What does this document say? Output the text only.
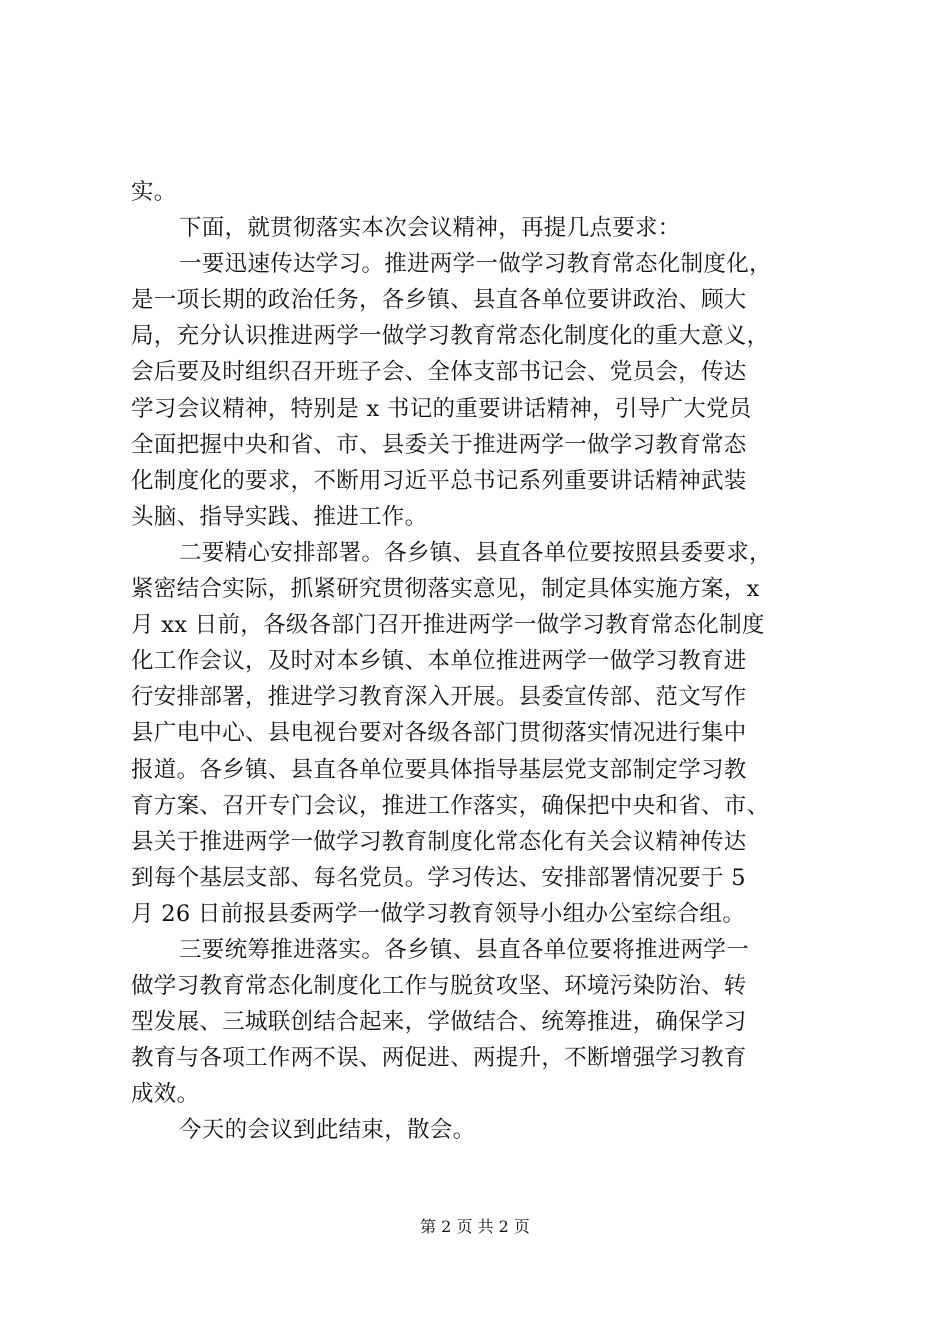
实。
下面，就贯彻落实本次会议精神，再提几点要求：
一要迅速传达学习。推进两学一做学习教育常态化制度化，
是一项长期的政治任务，各乡镇、县直各单位要讲政治、顾大
局，充分认识推进两学一做学习教育常态化制度化的重大意义，
会后要及时组织召开班子会、全体支部书记会、党员会，传达
学习会议精神，特别是 x 书记的重要讲话精神，引导广大党员
全面把握中央和省、市、县委关于推进两学一做学习教育常态
化制度化的要求，不断用习近平总书记系列重要讲话精神武装
头脑、指导实践、推进工作。
二要精心安排部署。各乡镇、县直各单位要按照县委要求，
紧密结合实际，抓紧研究贯彻落实意见，制定具体实施方案，x
月 xx 日前，各级各部门召开推进两学一做学习教育常态化制度
化工作会议，及时对本乡镇、本单位推进两学一做学习教育进
行安排部署，推进学习教育深入开展。县委宣传部、范文写作
县广电中心、县电视台要对各级各部门贯彻落实情况进行集中
报道。各乡镇、县直各单位要具体指导基层党支部制定学习教
育方案、召开专门会议，推进工作落实，确保把中央和省、市、
县关于推进两学一做学习教育制度化常态化有关会议精神传达
到每个基层支部、每名党员。学习传达、安排部署情况要于 5
月 26 日前报县委两学一做学习教育领导小组办公室综合组。
三要统筹推进落实。各乡镇、县直各单位要将推进两学一
做学习教育常态化制度化工作与脱贫攻坚、环境污染防治、转
型发展、三城联创结合起来，学做结合、统筹推进，确保学习
教育与各项工作两不误、两促进、两提升，不断增强学习教育
成效。
今天的会议到此结束，散会。
第 2 页 共 2 页
